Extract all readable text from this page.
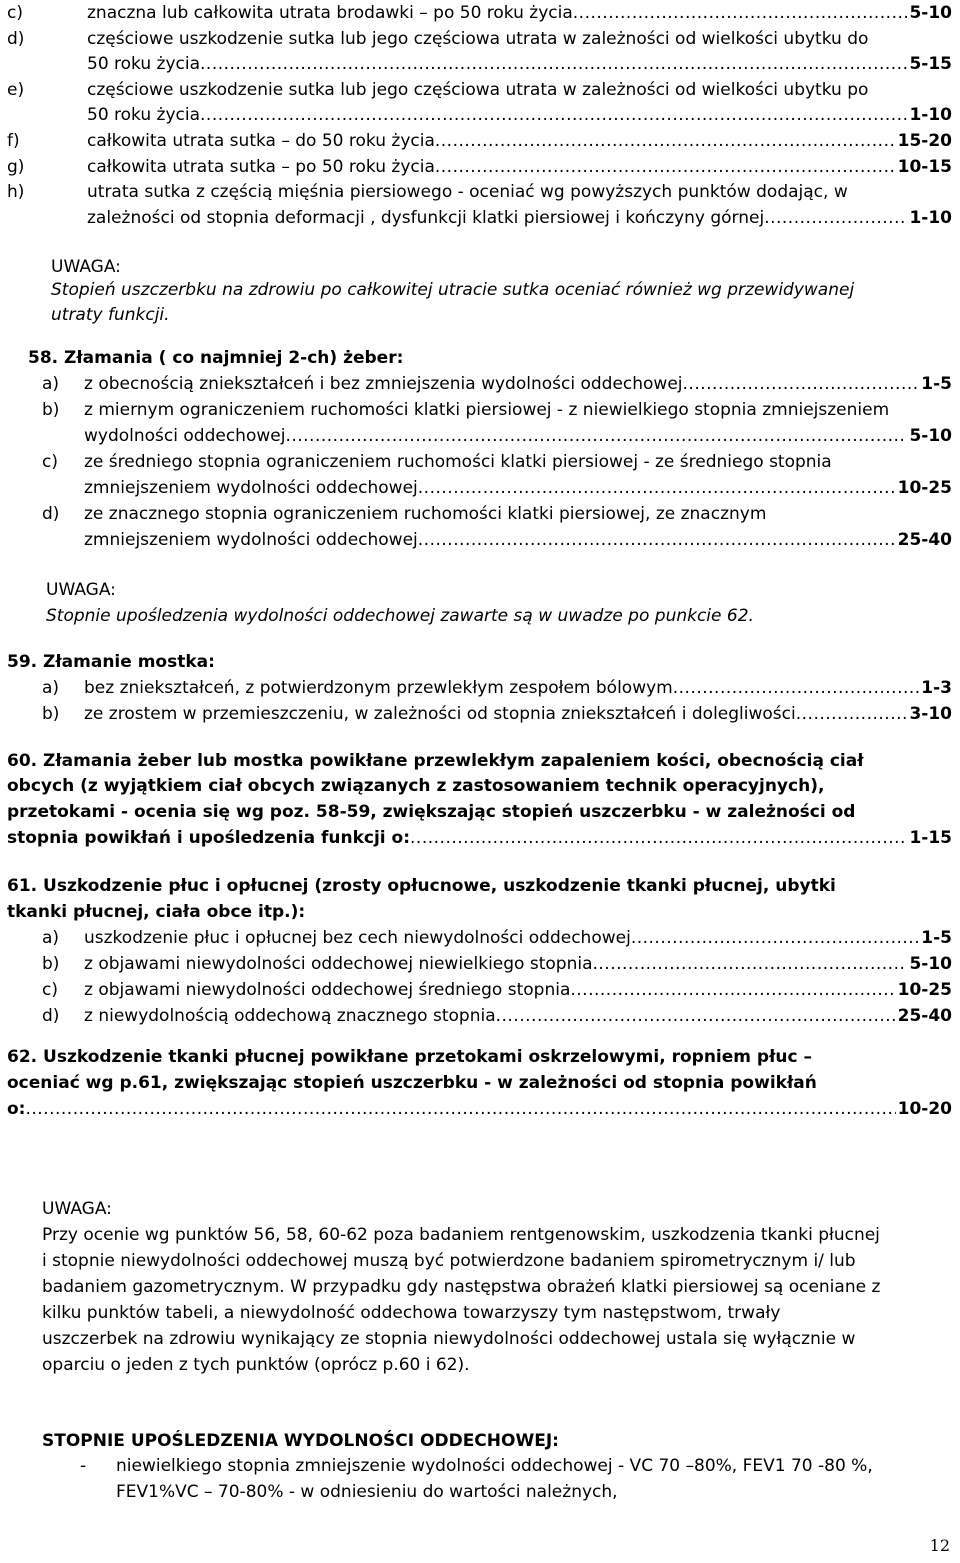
c)	znaczna lub całkowita utrata brodawki – po 50 roku życia .....	5-10
d)	częściowe uszkodzenie sutka lub jego częściowa utrata w zależności od wielkości ubytku do
50 roku życia .....	5-15
e)	częściowe uszkodzenie sutka lub jego częściowa utrata w zależności od wielkości ubytku po
50 roku życia .....	1-10
f)	całkowita utrata sutka – do 50 roku życia .....	15-20
g)	całkowita utrata sutka – po 50 roku życia .....	10-15
h)	utrata sutka z częścią mięśnia piersiowego - oceniać wg powyższych punktów dodając, w
zależności od stopnia deformacji , dysfunkcji klatki piersiowej i kończyny górnej .....	1-10
UWAGA:
Stopień uszczerbku na zdrowiu po całkowitej utracie sutka oceniać również wg przewidywanej
utraty funkcji.
58. Złamania ( co najmniej 2-ch) żeber:
a) z obecnością zniekształceń i bez zmniejszenia wydolności oddechowej .....	1-5
b) z miernym ograniczeniem ruchomości klatki piersiowej - z niewielkiego stopnia zmniejszeniem
wydolności oddechowej .....	5-10
c) ze średniego stopnia ograniczeniem ruchomości klatki piersiowej - ze średniego stopnia
zmniejszeniem wydolności oddechowej .....	10-25
d) ze znacznego stopnia ograniczeniem ruchomości klatki piersiowej, ze znacznym
zmniejszeniem wydolności oddechowej .....	25-40
UWAGA:
Stopnie upośledzenia wydolności oddechowej zawarte są w uwadze po punkcie 62.
59. Złamanie mostka:
a) bez zniekształceń, z potwierdzonym przewlekłym zespołem bólowym .....	1-3
b) ze zrostem w przemieszczeniu, w zależności od stopnia zniekształceń i dolegliwości .....	3-10
60. Złamania żeber lub mostka powikłane przewlekłym zapaleniem kości, obecnością ciał
obcych (z wyjątkiem ciał obcych związanych z zastosowaniem technik operacyjnych),
przetokami - ocenia się wg poz. 58-59, zwiększając stopień uszczerbku - w zależności od
stopnia powikłań i upośledzenia funkcji o: .....	1-15
61. Uszkodzenie płuc i opłucnej (zrosty opłucnowe, uszkodzenie tkanki płucnej, ubytki
tkanki płucnej, ciała obce itp.):
a) uszkodzenie płuc i opłucnej bez cech niewydolności oddechowej .....	1-5
b) z objawami niewydolności oddechowej niewielkiego stopnia .....	5-10
c) z objawami niewydolności oddechowej średniego stopnia .....	10-25
d) z niewydolnością oddechową znacznego stopnia .....	25-40
62. Uszkodzenie tkanki płucnej powikłane przetokami oskrzelowymi, ropniem płuc –
oceniać wg p.61, zwiększając stopień uszczerbku - w zależności od stopnia powikłań
o: .....	10-20
UWAGA:
Przy ocenie wg punktów 56, 58, 60-62 poza badaniem rentgenowskim, uszkodzenia tkanki płucnej
i stopnie niewydolności oddechowej muszą być potwierdzone badaniem spirometrycznym i/ lub
badaniem gazometrycznym. W przypadku gdy następstwa obrażeń klatki piersiowej są oceniane z
kilku punktów tabeli, a niewydolność oddechowa towarzyszy tym następstwom, trwały
uszczerbek na zdrowiu wynikający ze stopnia niewydolności oddechowej ustala się wyłącznie w
oparciu o jeden z tych punktów (oprócz p.60 i 62).
STOPNIE UPOŚLEDZENIA WYDOLNOŚCI ODDECHOWEJ:
- niewielkiego stopnia zmniejszenie wydolności oddechowej - VC 70 –80%, FEV1 70 -80 %,
FEV1%VC – 70-80% - w odniesieniu do wartości należnych,
12
